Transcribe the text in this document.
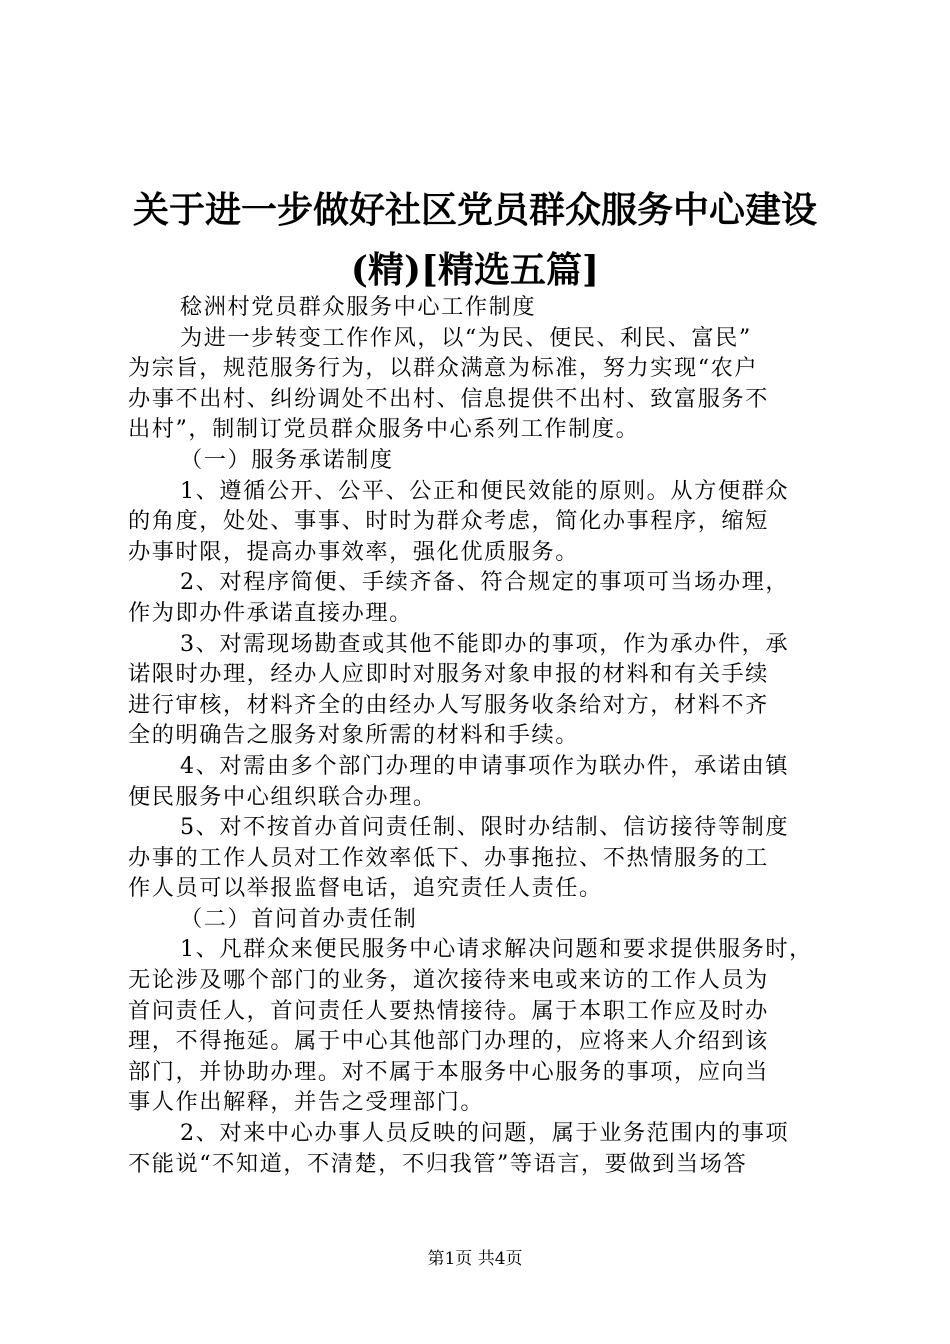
关于进一步做好社区党员群众服务中心建设
(精)[精选五篇]
稔洲村党员群众服务中心工作制度
为进一步转变工作作风，以“为民、便民、利民、富民”
为宗旨，规范服务行为，以群众满意为标准，努力实现“农户
办事不出村、纠纷调处不出村、信息提供不出村、致富服务不
出村”，制制订党员群众服务中心系列工作制度。
（一）服务承诺制度
1、遵循公开、公平、公正和便民效能的原则。从方便群众
的角度，处处、事事、时时为群众考虑，简化办事程序，缩短
办事时限，提高办事效率，强化优质服务。
2、对程序简便、手续齐备、符合规定的事项可当场办理，
作为即办件承诺直接办理。
3、对需现场勘查或其他不能即办的事项，作为承办件，承
诺限时办理，经办人应即时对服务对象申报的材料和有关手续
进行审核，材料齐全的由经办人写服务收条给对方，材料不齐
全的明确告之服务对象所需的材料和手续。
4、对需由多个部门办理的申请事项作为联办件，承诺由镇
便民服务中心组织联合办理。
5、对不按首办首问责任制、限时办结制、信访接待等制度
办事的工作人员对工作效率低下、办事拖拉、不热情服务的工
作人员可以举报监督电话，追究责任人责任。
（二）首问首办责任制
1、凡群众来便民服务中心请求解决问题和要求提供服务时，
无论涉及哪个部门的业务，道次接待来电或来访的工作人员为
首问责任人，首问责任人要热情接待。属于本职工作应及时办
理，不得拖延。属于中心其他部门办理的，应将来人介绍到该
部门，并协助办理。对不属于本服务中心服务的事项，应向当
事人作出解释，并告之受理部门。
2、对来中心办事人员反映的问题，属于业务范围内的事项
不能说“不知道，不清楚，不归我管”等语言，要做到当场答
第1页 共4页
